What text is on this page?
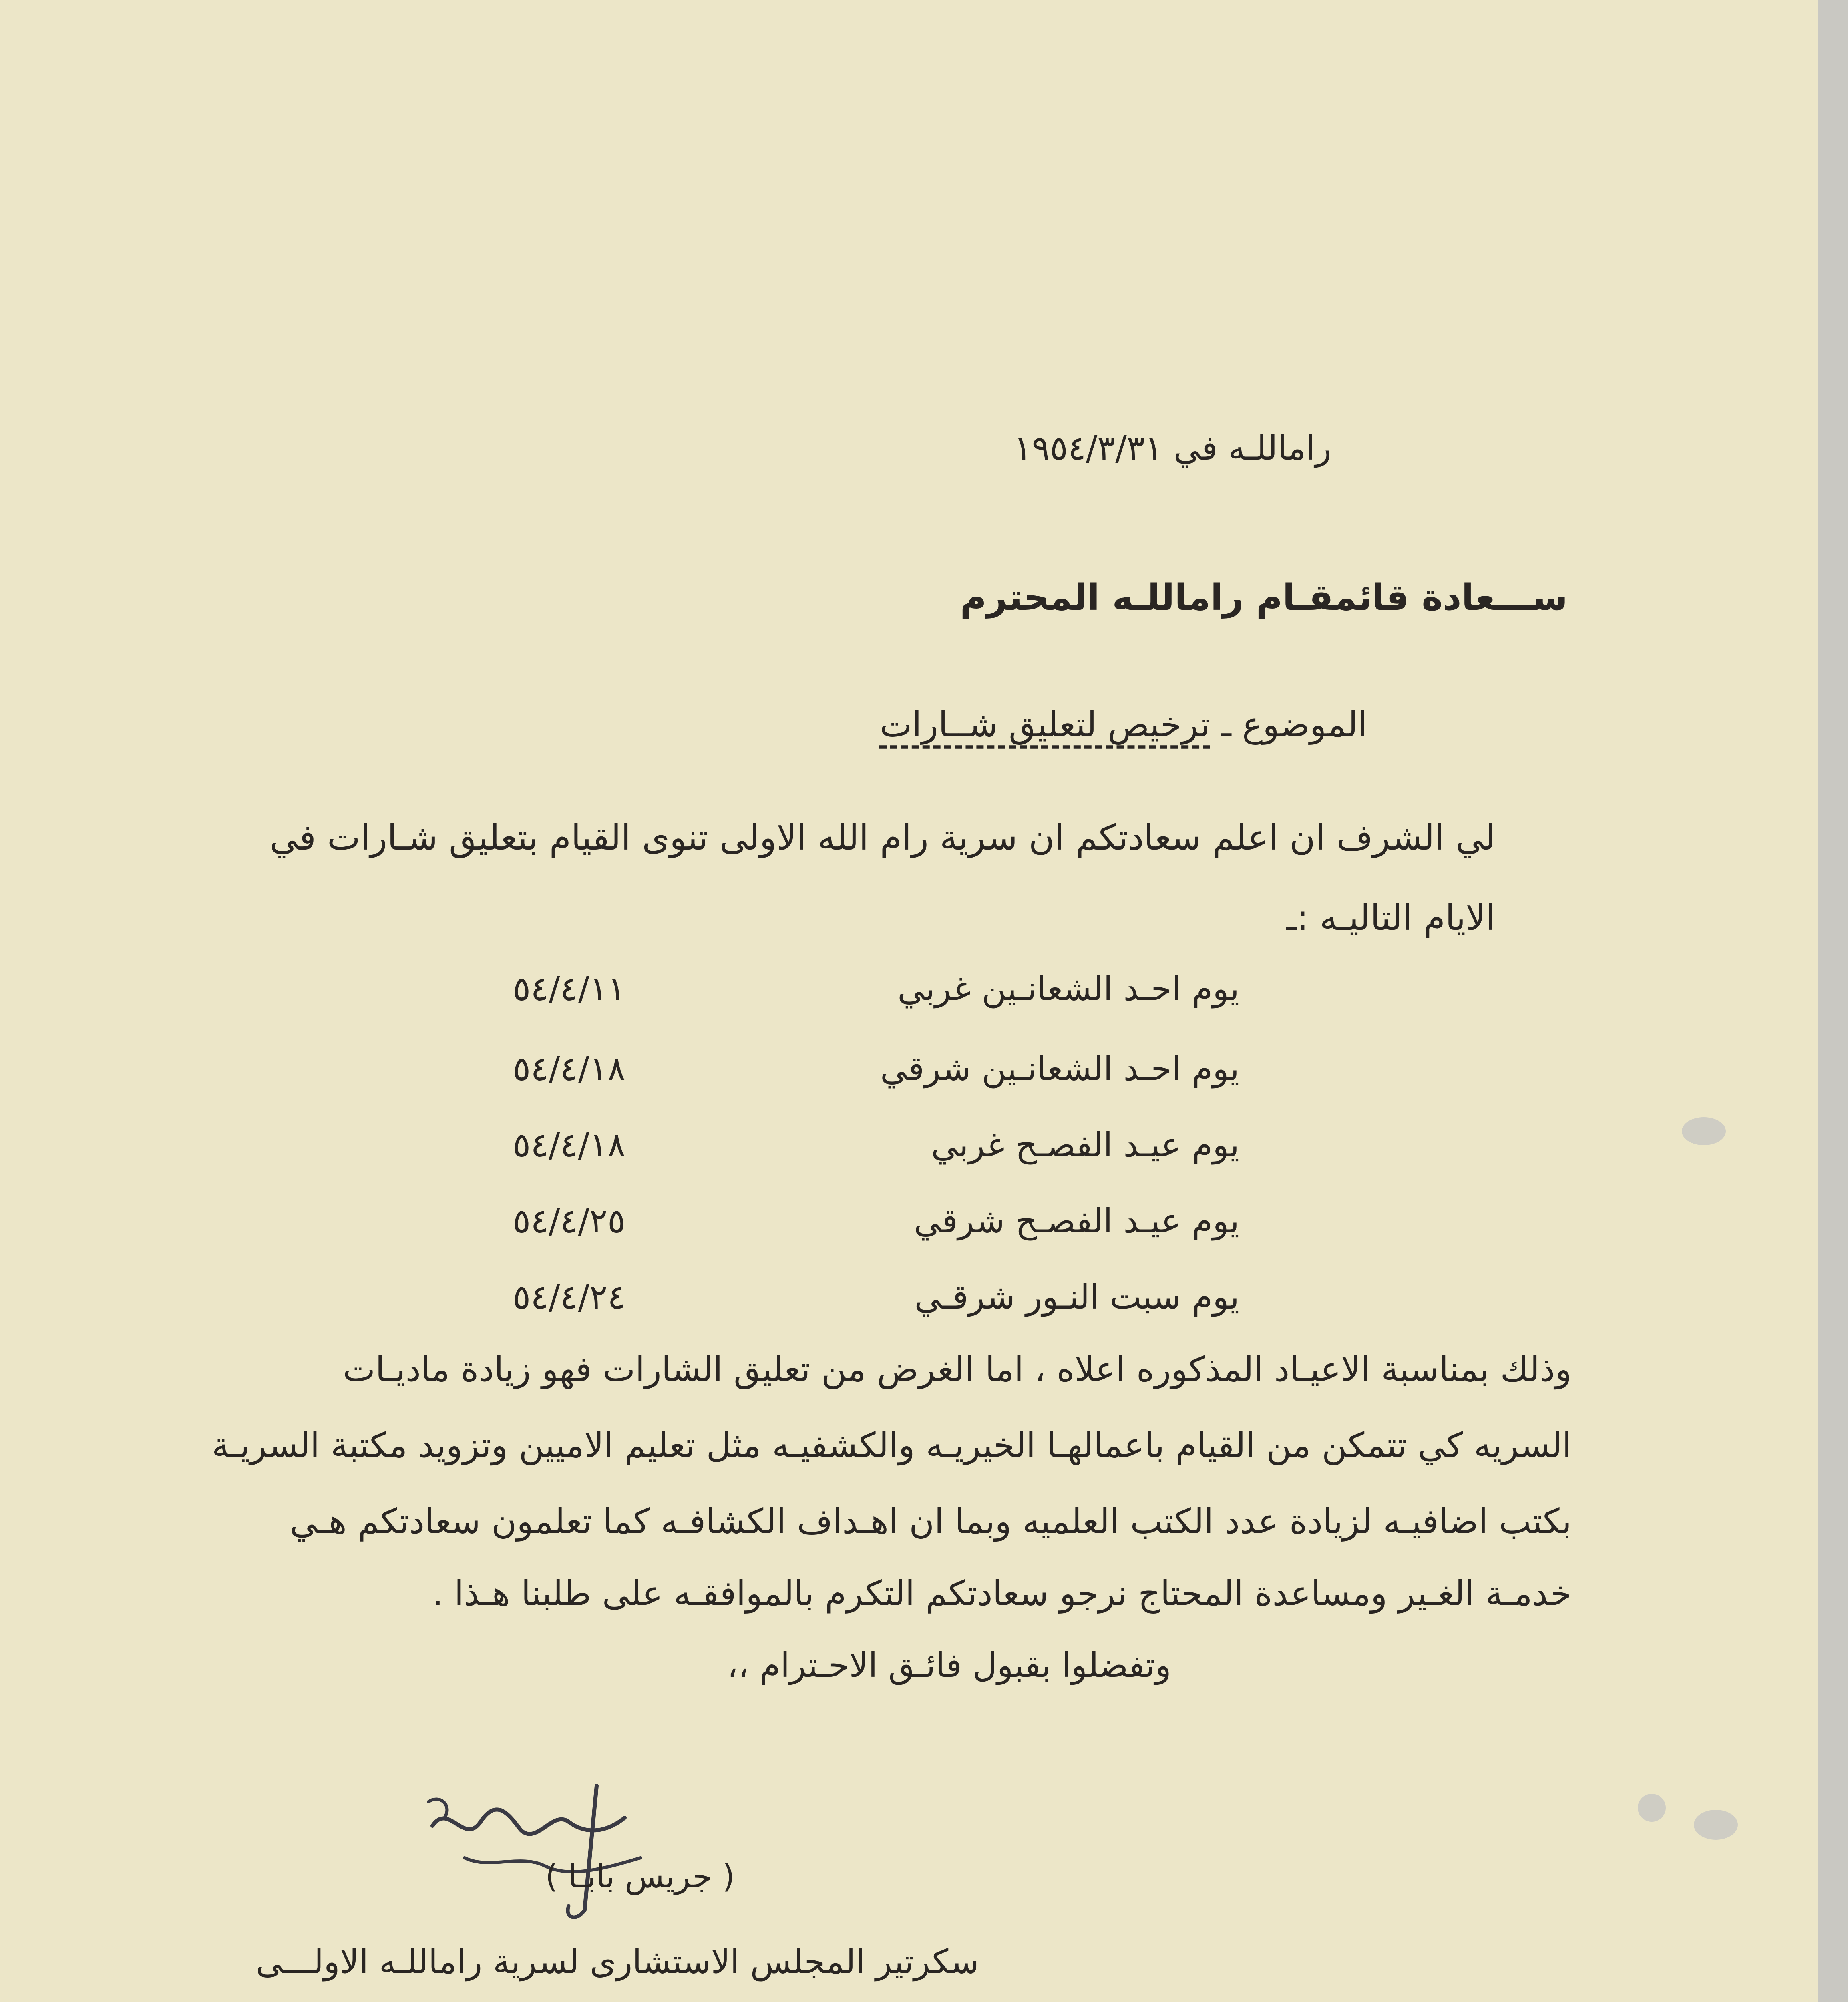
راماللـه في ١٩٥٤/٣/٣١
ســـعادة قائمقـام راماللـه المحترم
الموضوع ـ ترخيص لتعليق شــارات
لي الشرف ان اعلم سعادتكم ان سرية رام الله الاولى تنوى القيام بتعليق شـارات في
الايام التاليـه :ـ
يوم احـد الشعانـين غربي
٥٤/٤/١١
يوم احـد الشعانـين شرقي
٥٤/٤/١٨
يوم عيـد الفصـح غربي
٥٤/٤/١٨
يوم عيـد الفصـح شرقي
٥٤/٤/٢٥
يوم سبت النـور شرقـي
٥٤/٤/٢٤
وذلك بمناسبة الاعيـاد المذكوره اعلاه ، اما الغرض من تعليق الشارات فهو زيادة ماديـات
السريه كي تتمكن من القيام باعمالهـا الخيريـه والكشفيـه مثل تعليم الاميين وتزويد مكتبة السريـة
بكتب اضافيـه لزيادة عدد الكتب العلميه وبما ان اهـداف الكشافـه كما تعلمون سعادتكم هـي
خدمـة الغـير ومساعدة المحتاج نرجو سعادتكم التكرم بالموافقـه على طلبنا هـذا .
وتفضلوا بقبول فائـق الاحـترام ،،
( جريس بابـا )
سكرتير المجلس الاستشارى لسرية راماللـه الاولـــى
